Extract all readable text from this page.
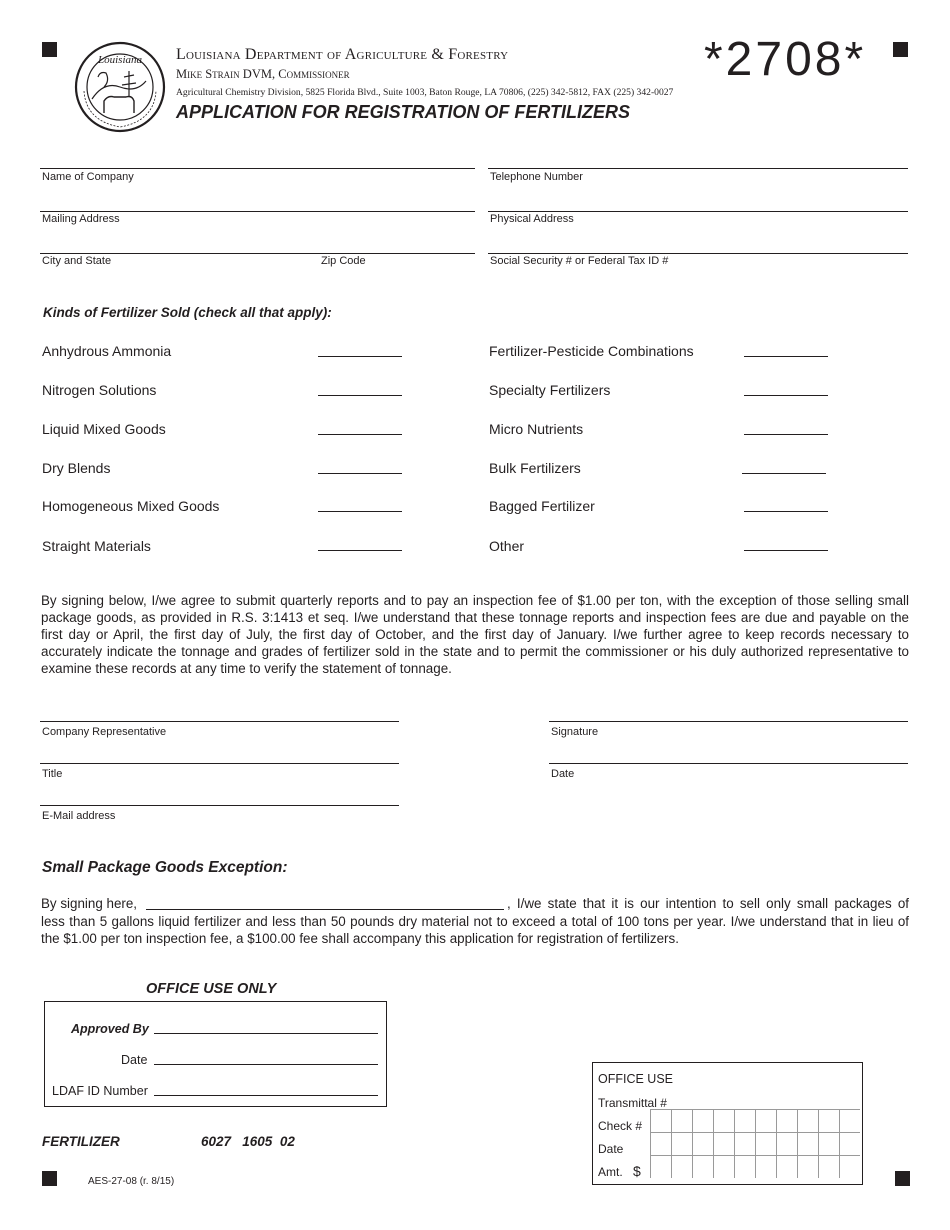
Louisiana Louisiana Department of Agriculture & Forestry
Mike Strain DVM, Commissioner
Agricultural Chemistry Division, 5825 Florida Blvd., Suite 1003, Baton Rouge, LA 70806, (225) 342-5812, FAX (225) 342-0027
APPLICATION FOR REGISTRATION OF FERTILIZERS
*2708*
Name of Company	Telephone Number
Mailing Address	Physical Address
City and State	Zip Code	Social Security # or Federal Tax ID #
Kinds of Fertilizer Sold (check all that apply):
Anhydrous Ammonia
Nitrogen Solutions
Liquid Mixed Goods
Dry Blends
Homogeneous Mixed Goods
Straight Materials
Fertilizer-Pesticide Combinations
Specialty Fertilizers
Micro Nutrients
Bulk Fertilizers
Bagged Fertilizer
Other
By signing below, I/we agree to submit quarterly reports and to pay an inspection fee of $1.00 per ton, with the exception of those selling small package goods, as provided in R.S. 3:1413 et seq. I/we understand that these tonnage reports and inspection fees are due and payable on the first day or April, the first day of July, the first day of October, and the first day of January. I/we further agree to keep records necessary to accurately indicate the tonnage and grades of fertilizer sold in the state and to permit the commissioner or his duly authorized representative to examine these records at any time to verify the statement of tonnage.
Company Representative	Signature
Title	Date
E-Mail address
Small Package Goods Exception:
By signing here,	, I/we state that it is our intention to sell only small packages of
less than 5 gallons liquid fertilizer and less than 50 pounds dry material not to exceed a total of 100 tons per year. I/we understand that in lieu of the $1.00 per ton inspection fee, a $100.00 fee shall accompany this application for registration of fertilizers.
OFFICE USE ONLY
Approved By
Date
LDAF ID Number
OFFICE USE
Transmittal #
Check #
Date
Amt. $
FERTILIZER	6027   1605  02
AES-27-08 (r. 8/15)
